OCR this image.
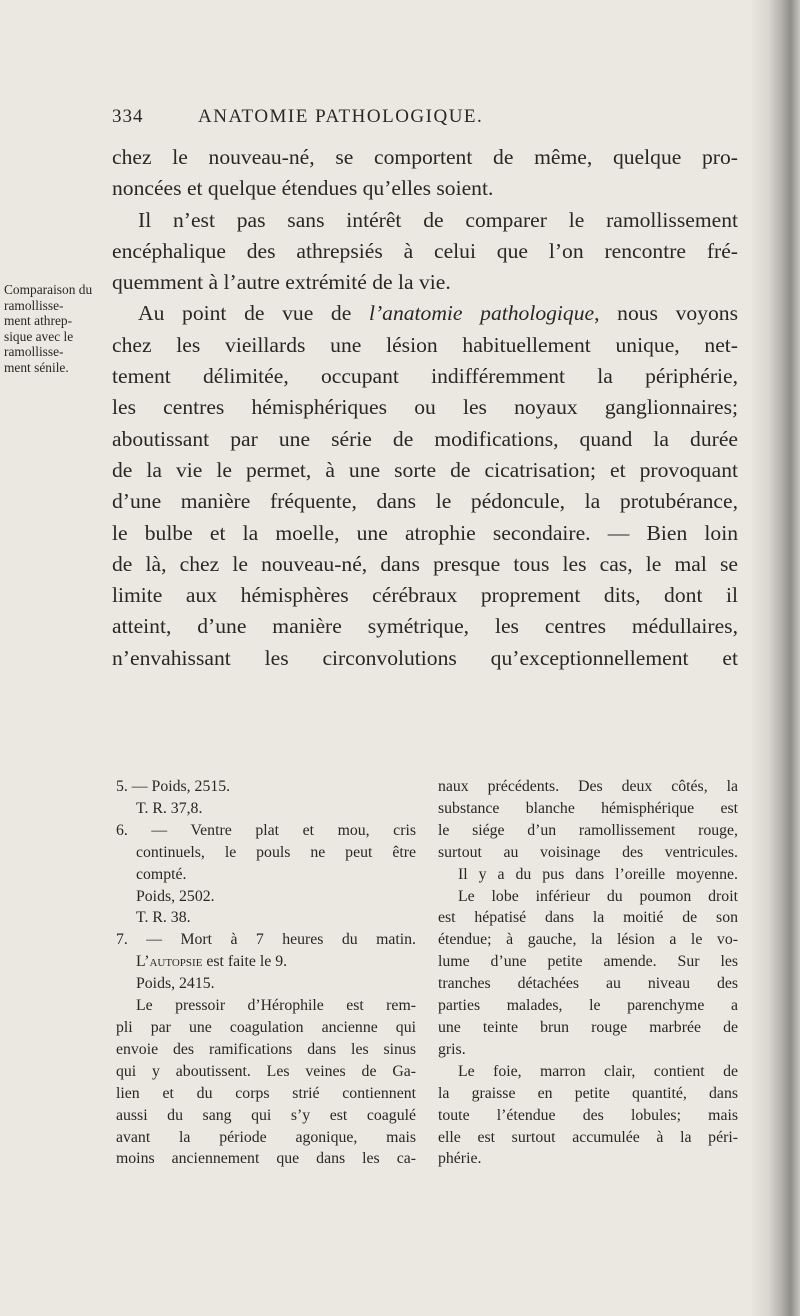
334	ANATOMIE PATHOLOGIQUE.
Comparaison du
ramollisse-
ment athrep-
sique avec le
ramollisse-
ment sénile.
chez le nouveau-né, se comportent de même, quelque pro-
noncées et quelque étendues qu’elles soient.
Il n’est pas sans intérêt de comparer le ramollissement
encéphalique des athrepsiés à celui que l’on rencontre fré-
quemment à l’autre extrémité de la vie.
Au point de vue de l’anatomie pathologique, nous voyons
chez les vieillards une lésion habituellement unique, net-
tement délimitée, occupant indifféremment la périphérie,
les centres hémisphériques ou les noyaux ganglionnaires;
aboutissant par une série de modifications, quand la durée
de la vie le permet, à une sorte de cicatrisation; et provoquant
d’une manière fréquente, dans le pédoncule, la protubérance,
le bulbe et la moelle, une atrophie secondaire. — Bien loin
de là, chez le nouveau-né, dans presque tous les cas, le mal se
limite aux hémisphères cérébraux proprement dits, dont il
atteint, d’une manière symétrique, les centres médullaires,
n’envahissant les circonvolutions qu’exceptionnellement et
5. — Poids, 2515.
T. R. 37,8.
6. — Ventre plat et mou, cris
continuels, le pouls ne peut être
compté.
Poids, 2502.
T. R. 38.
7. — Mort à 7 heures du matin.
L’autopsie est faite le 9.
Poids, 2415.
Le pressoir d’Hérophile est rem-
pli par une coagulation ancienne qui
envoie des ramifications dans les sinus
qui y aboutissent. Les veines de Ga-
lien et du corps strié contiennent
aussi du sang qui s’y est coagulé
avant la période agonique, mais
moins anciennement que dans les ca-
naux précédents. Des deux côtés, la
substance blanche hémisphérique est
le siége d’un ramollissement rouge,
surtout au voisinage des ventricules.
Il y a du pus dans l’oreille moyenne.
Le lobe inférieur du poumon droit
est hépatisé dans la moitié de son
étendue; à gauche, la lésion a le vo-
lume d’une petite amende. Sur les
tranches détachées au niveau des
parties malades, le parenchyme a
une teinte brun rouge marbrée de
gris.
Le foie, marron clair, contient de
la graisse en petite quantité, dans
toute l’étendue des lobules; mais
elle est surtout accumulée à la péri-
phérie.
